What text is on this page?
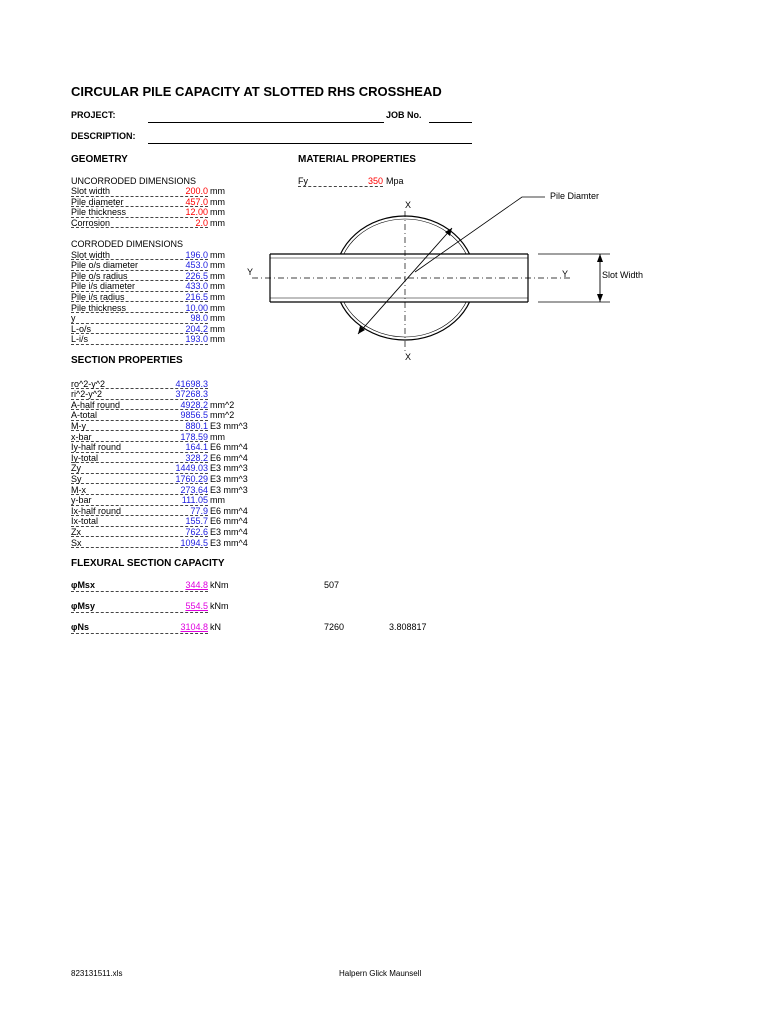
CIRCULAR PILE CAPACITY AT SLOTTED RHS CROSSHEAD
PROJECT:	JOB No.
DESCRIPTION:
GEOMETRY	MATERIAL PROPERTIES
Fy	350 Mpa
UNCORRODED DIMENSIONS
Slot width	200.0 mm
Pile diameter	457.0 mm
Pile thickness	12.00 mm
Corrosion	2.0 mm
CORRODED DIMENSIONS
Slot width	196.0 mm
Pile o/s diameter	453.0 mm
Pile o/s radius	226.5 mm
Pile i/s diameter	433.0 mm
Pile i/s radius	216.5 mm
Pile thickness	10.00 mm
y	98.0 mm
L-o/s	204.2 mm
L-i/s	193.0 mm
SECTION PROPERTIES
ro^2-y^2	41698.3
ri^2-y^2	37268.3
A-half round	4928.2 mm^2
A-total	9856.5 mm^2
M-y	880.1 E3 mm^3
x-bar	178.59 mm
Iy-half round	164.1 E6 mm^4
Iy-total	328.2 E6 mm^4
Zy	1449.03 E3 mm^3
Sy	1760.29 E3 mm^3
M-x	273.64 E3 mm^3
y-bar	111.05 mm
Ix-half round	77.9 E6 mm^4
Ix-total	155.7 E6 mm^4
Zx	762.6 E3 mm^4
Sx	1094.5 E3 mm^4
FLEXURAL SECTION CAPACITY
φMsx	344.8 kNm	507
φMsy	554.5 kNm
φNs	3104.8 kN	7260	3.808817
Pile Diamter
Slot Width
X
X
Y	Y
823131511.xls	Halpern Glick Maunsell
